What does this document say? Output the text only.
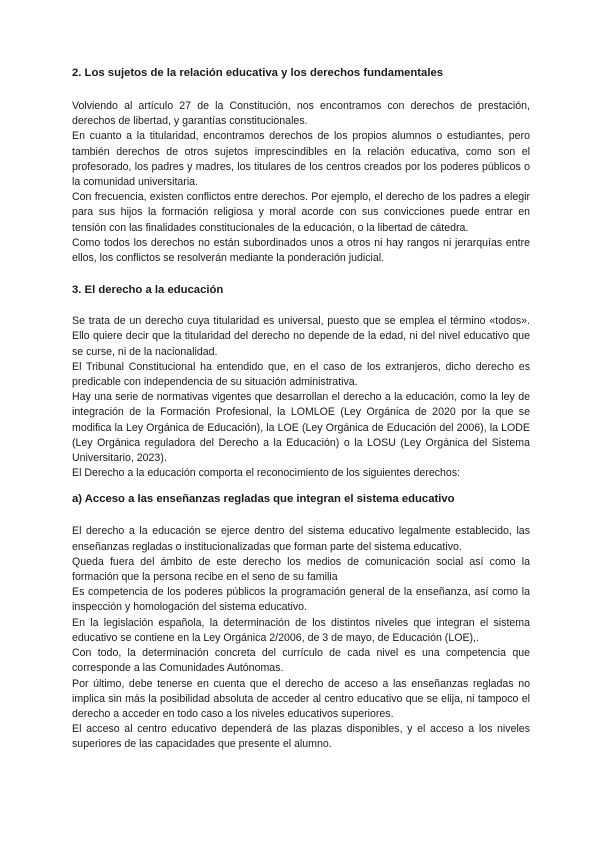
2. Los sujetos de la relación educativa y los derechos fundamentales

Volviendo al artículo 27 de la Constitución, nos encontramos con derechos de prestación, derechos de libertad, y garantías constitucionales.

En cuanto a la titularidad, encontramos derechos de los propios alumnos o estudiantes, pero también derechos de otros sujetos imprescindibles en la relación educativa, como son el profesorado, los padres y madres, los titulares de los centros creados por los poderes públicos o la comunidad universitaria.

Con frecuencia, existen conflictos entre derechos. Por ejemplo, el derecho de los padres a elegir para sus hijos la formación religiosa y moral acorde con sus convicciones puede entrar en tensión con las finalidades constitucionales de la educación, o la libertad de cátedra.

Como todos los derechos no están subordinados unos a otros ni hay rangos ni jerarquías entre ellos, los conflictos se resolverán mediante la ponderación judicial.

3. El derecho a la educación

Se trata de un derecho cuya titularidad es universal, puesto que se emplea el término «todos». Ello quiere decir que la titularidad del derecho no depende de la edad, ni del nivel educativo que se curse, ni de la nacionalidad.

El Tribunal Constitucional ha entendido que, en el caso de los extranjeros, dicho derecho es predicable con independencia de su situación administrativa.

Hay una serie de normativas vigentes que desarrollan el derecho a la educación, como la ley de integración de la Formación Profesional, la LOMLOE (Ley Orgánica de 2020 por la que se modifica la Ley Orgánica de Educación), la LOE (Ley Orgánica de Educación del 2006), la LODE (Ley Orgánica reguladora del Derecho a la Educación) o la LOSU (Ley Orgánica del Sistema Universitario, 2023).

El Derecho a la educación comporta el reconocimiento de los siguientes derechos:

a) Acceso a las enseñanzas regladas que integran el sistema educativo

El derecho a la educación se ejerce dentro del sistema educativo legalmente establecido, las enseñanzas regladas o institucionalizadas que forman parte del sistema educativo.

Queda fuera del ámbito de este derecho los medios de comunicación social así como la formación que la persona recibe en el seno de su familia

Es competencia de los poderes públicos la programación general de la enseñanza, así como la inspección y homologación del sistema educativo.

En la legislación española, la determinación de los distintos niveles que integran el sistema educativo se contiene en la Ley Orgánica 2/2006, de 3 de mayo, de Educación (LOE),.

Con todo, la determinación concreta del currículo de cada nivel es una competencia que corresponde a las Comunidades Autónomas.

Por último, debe tenerse en cuenta que el derecho de acceso a las enseñanzas regladas no implica sin más la posibilidad absoluta de acceder al centro educativo que se elija, ni tampoco el derecho a acceder en todo caso a los niveles educativos superiores.

El acceso al centro educativo dependerá de las plazas disponibles, y el acceso a los niveles superiores de las capacidades que presente el alumno.
